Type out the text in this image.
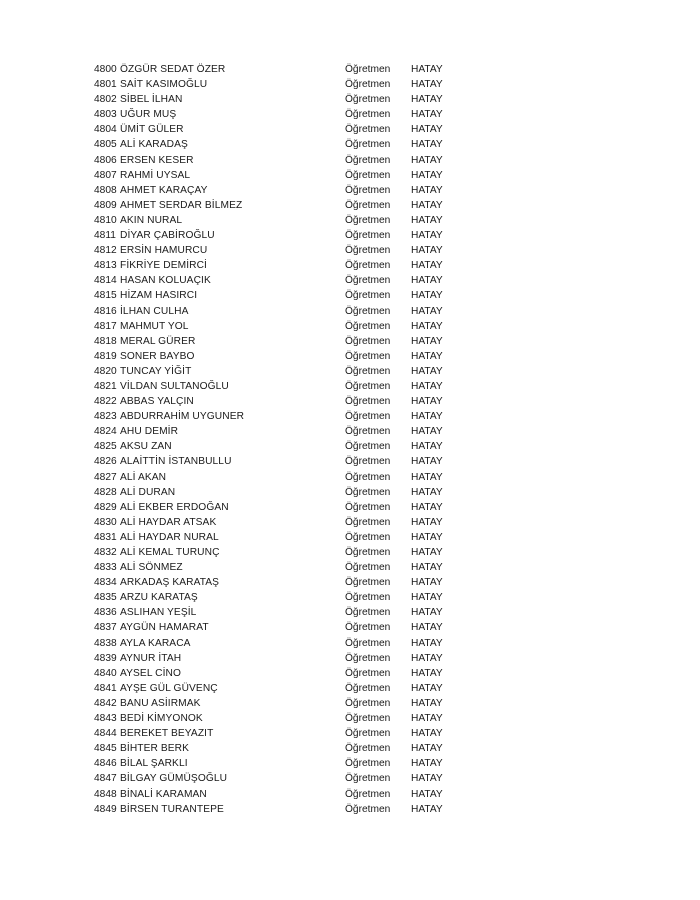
4800 ÖZGÜR SEDAT ÖZER	Öğretmen HATAY
4801 SAİT KASIMOĞLU	Öğretmen HATAY
4802 SİBEL İLHAN	Öğretmen HATAY
4803 UĞUR MUŞ	Öğretmen HATAY
4804 ÜMİT GÜLER	Öğretmen HATAY
4805 ALİ KARADAŞ	Öğretmen HATAY
4806 ERSEN KESER	Öğretmen HATAY
4807 RAHMİ UYSAL	Öğretmen HATAY
4808 AHMET KARAÇAY	Öğretmen HATAY
4809 AHMET SERDAR BİLMEZ	Öğretmen HATAY
4810 AKIN NURAL	Öğretmen HATAY
4811 DİYAR ÇABİROĞLU	Öğretmen HATAY
4812 ERSİN HAMURCU	Öğretmen HATAY
4813 FİKRİYE DEMİRCİ	Öğretmen HATAY
4814 HASAN KOLUAÇIK	Öğretmen HATAY
4815 HİZAM HASIRCI	Öğretmen HATAY
4816 İLHAN CULHA	Öğretmen HATAY
4817 MAHMUT YOL	Öğretmen HATAY
4818 MERAL GÜRER	Öğretmen HATAY
4819 SONER BAYBO	Öğretmen HATAY
4820 TUNCAY YİĞİT	Öğretmen HATAY
4821 VİLDAN SULTANOĞLU	Öğretmen HATAY
4822 ABBAS YALÇIN	Öğretmen HATAY
4823 ABDURRAHİM UYGUNER	Öğretmen HATAY
4824 AHU DEMİR	Öğretmen HATAY
4825 AKSU ZAN	Öğretmen HATAY
4826 ALAİTTİN İSTANBULLU	Öğretmen HATAY
4827 ALİ AKAN	Öğretmen HATAY
4828 ALİ DURAN	Öğretmen HATAY
4829 ALİ EKBER ERDOĞAN	Öğretmen HATAY
4830 ALİ HAYDAR ATSAK	Öğretmen HATAY
4831 ALİ HAYDAR NURAL	Öğretmen HATAY
4832 ALİ KEMAL TURUNÇ	Öğretmen HATAY
4833 ALİ SÖNMEZ	Öğretmen HATAY
4834 ARKADAŞ KARATAŞ	Öğretmen HATAY
4835 ARZU KARATAŞ	Öğretmen HATAY
4836 ASLIHAN YEŞİL	Öğretmen HATAY
4837 AYGÜN HAMARAT	Öğretmen HATAY
4838 AYLA KARACA	Öğretmen HATAY
4839 AYNUR İTAH	Öğretmen HATAY
4840 AYSEL CİNO	Öğretmen HATAY
4841 AYŞE GÜL GÜVENÇ	Öğretmen HATAY
4842 BANU ASİIRMAK	Öğretmen HATAY
4843 BEDİ KİMYONOK	Öğretmen HATAY
4844 BEREKET BEYAZIT	Öğretmen HATAY
4845 BİHTER BERK	Öğretmen HATAY
4846 BİLAL ŞARKLI	Öğretmen HATAY
4847 BİLGAY GÜMÜŞOĞLU	Öğretmen HATAY
4848 BİNALİ KARAMAN	Öğretmen HATAY
4849 BİRSEN TURANTEPE	Öğretmen HATAY
